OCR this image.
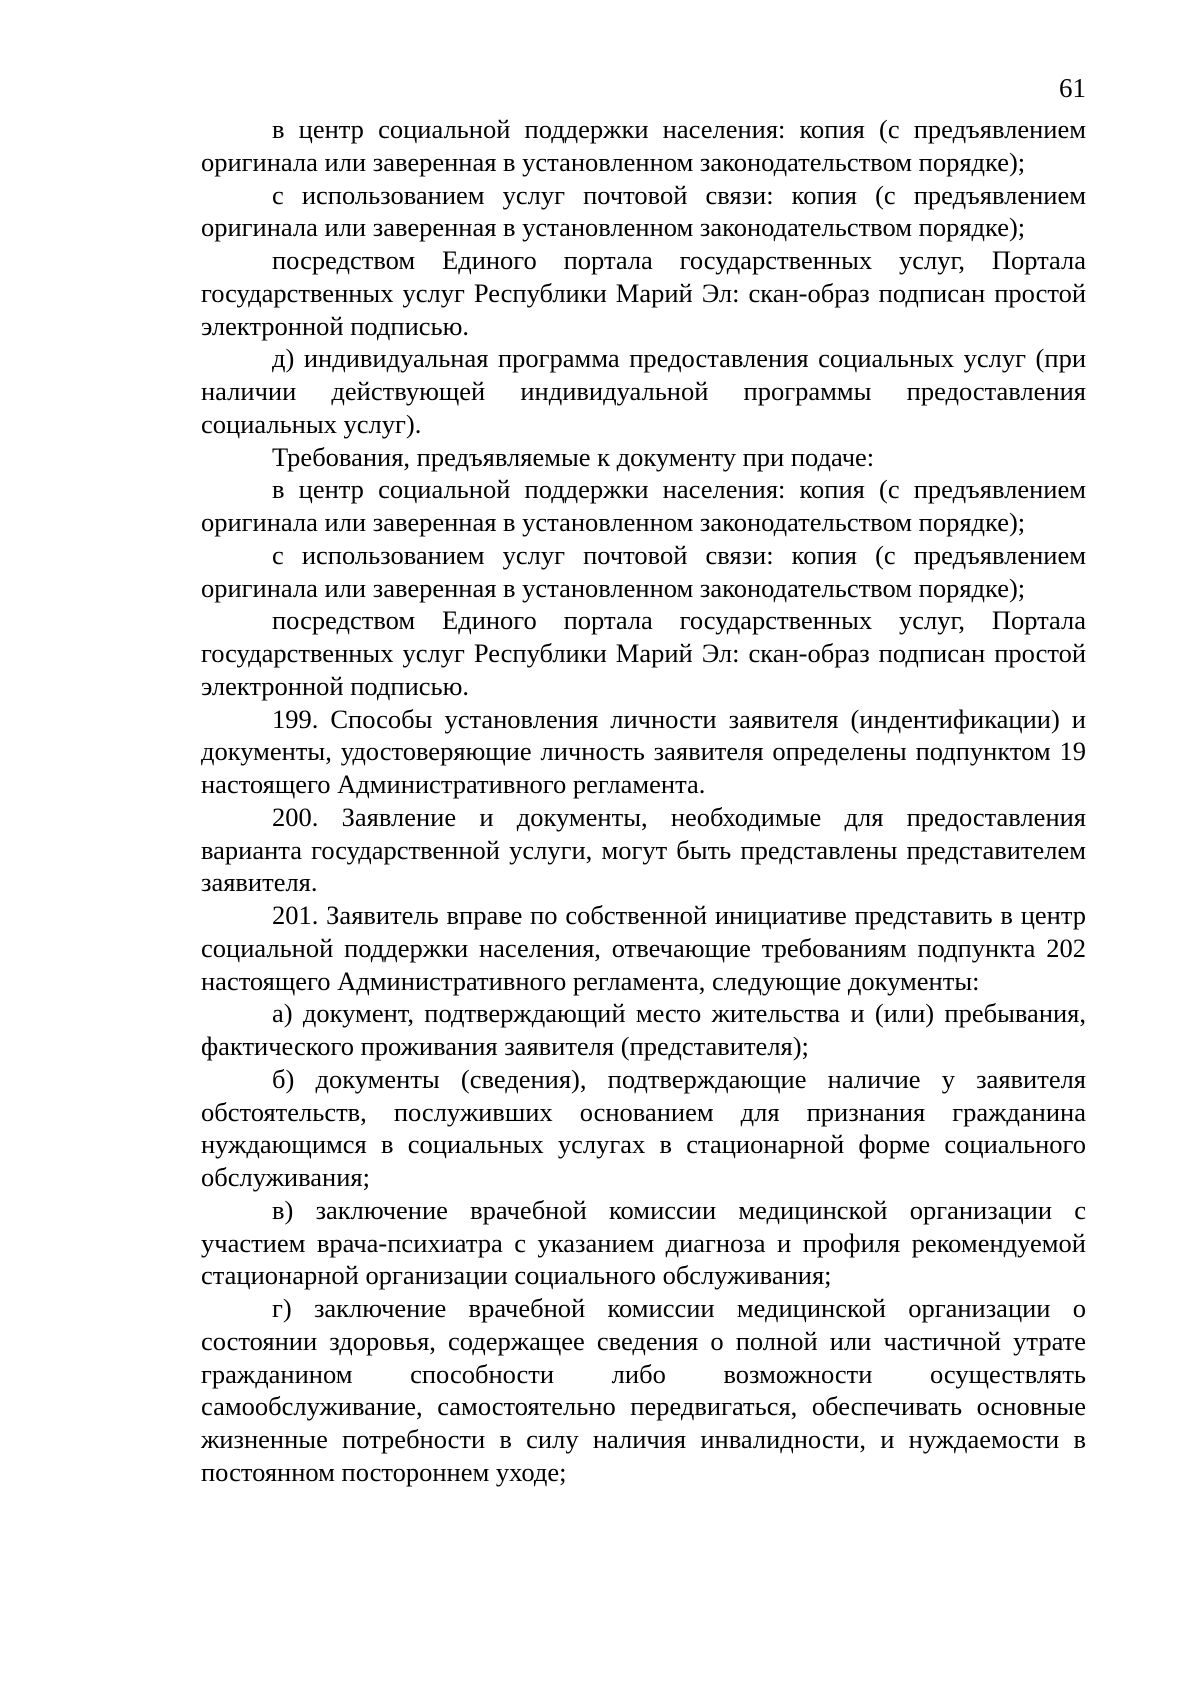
61

в центр социальной поддержки населения: копия (с предъявлением оригинала или заверенная в установленном законодательством порядке);

с использованием услуг почтовой связи: копия (с предъявлением оригинала или заверенная в установленном законодательством порядке);

посредством Единого портала государственных услуг, Портала государственных услуг Республики Марий Эл: скан-образ подписан простой электронной подписью.

д) индивидуальная программа предоставления социальных услуг (при наличии действующей индивидуальной программы предоставления социальных услуг).

Требования, предъявляемые к документу при подаче:

в центр социальной поддержки населения: копия (с предъявлением оригинала или заверенная в установленном законодательством порядке);

с использованием услуг почтовой связи: копия (с предъявлением оригинала или заверенная в установленном законодательством порядке);

посредством Единого портала государственных услуг, Портала государственных услуг Республики Марий Эл: скан-образ подписан простой электронной подписью.

199. Способы установления личности заявителя (индентификации) и документы, удостоверяющие личность заявителя определены подпунктом 19 настоящего Административного регламента.

200. Заявление и документы, необходимые для предоставления варианта государственной услуги, могут быть представлены представителем заявителя.

201. Заявитель вправе по собственной инициативе представить в центр социальной поддержки населения, отвечающие требованиям подпункта 202 настоящего Административного регламента, следующие документы:

а) документ, подтверждающий место жительства и (или) пребывания, фактического проживания заявителя (представителя);

б) документы (сведения), подтверждающие наличие у заявителя обстоятельств, послуживших основанием для признания гражданина нуждающимся в социальных услугах в стационарной форме социального обслуживания;

в) заключение врачебной комиссии медицинской организации с участием врача-психиатра с указанием диагноза и профиля рекомендуемой стационарной организации социального обслуживания;

г) заключение врачебной комиссии медицинской организации о состоянии здоровья, содержащее сведения о полной или частичной утрате гражданином способности либо возможности осуществлять самообслуживание, самостоятельно передвигаться, обеспечивать основные жизненные потребности в силу наличия инвалидности, и нуждаемости в постоянном постороннем уходе;
